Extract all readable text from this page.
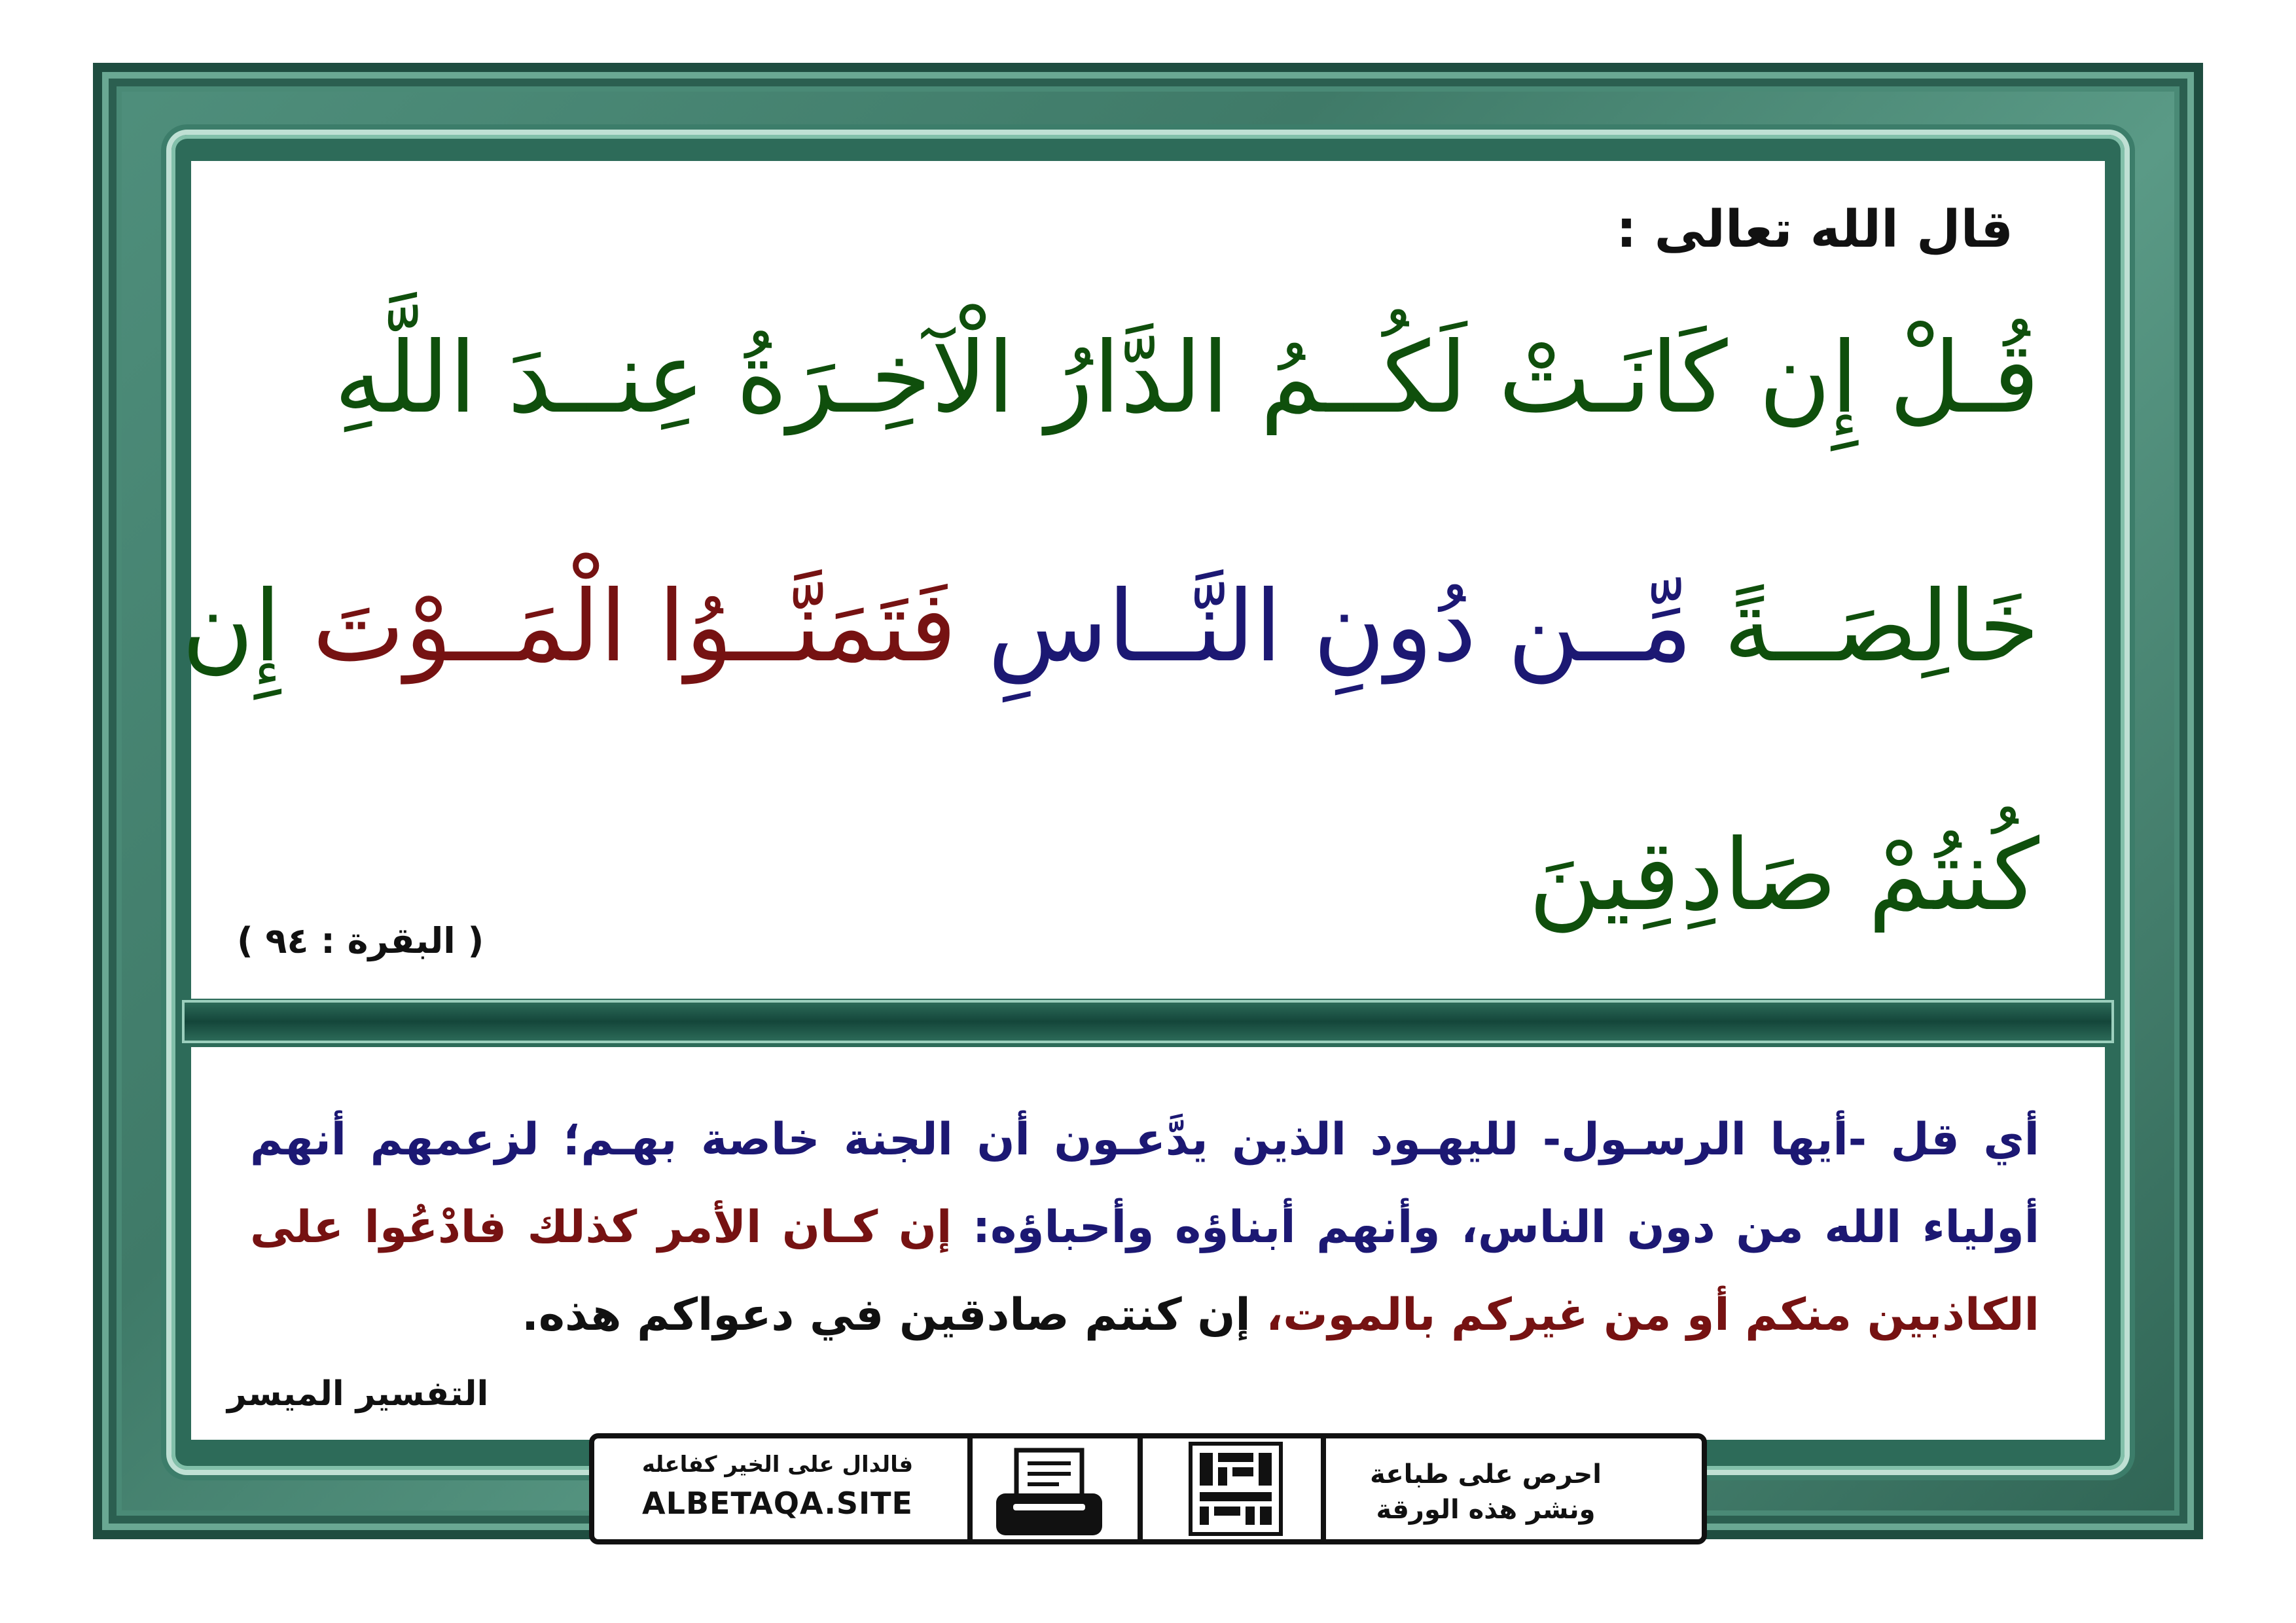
قال الله تعالى :

قُـلْ إِن كَانَـتْ لَكُــمُ الدَّارُ الْآخِـرَةُ عِنــدَ اللَّهِ

خَالِصَــةً مِّــن دُونِ النَّــاسِ فَتَمَنَّــوُا الْمَــوْتَ إِن

كُنتُمْ صَادِقِينَ

( البقرة : ٩٤ )

أي قل -أيها الرسـول- لليهـود الذين يدَّعـون أن الجنة خاصة بهـم؛ لزعمهم أنهم أولياء الله من دون الناس، وأنهم أبناؤه وأحباؤه: إن كـان الأمر كذلك فادْعُوا على الكاذبين منكم أو من غيركم بالموت، إن كنتم صادقين في دعواكم هذه.

التفسير الميسر

فالدال على الخير كفاعله

ALBETAQA.SITE

احرص على طباعة
ونشر هذه الورقة
